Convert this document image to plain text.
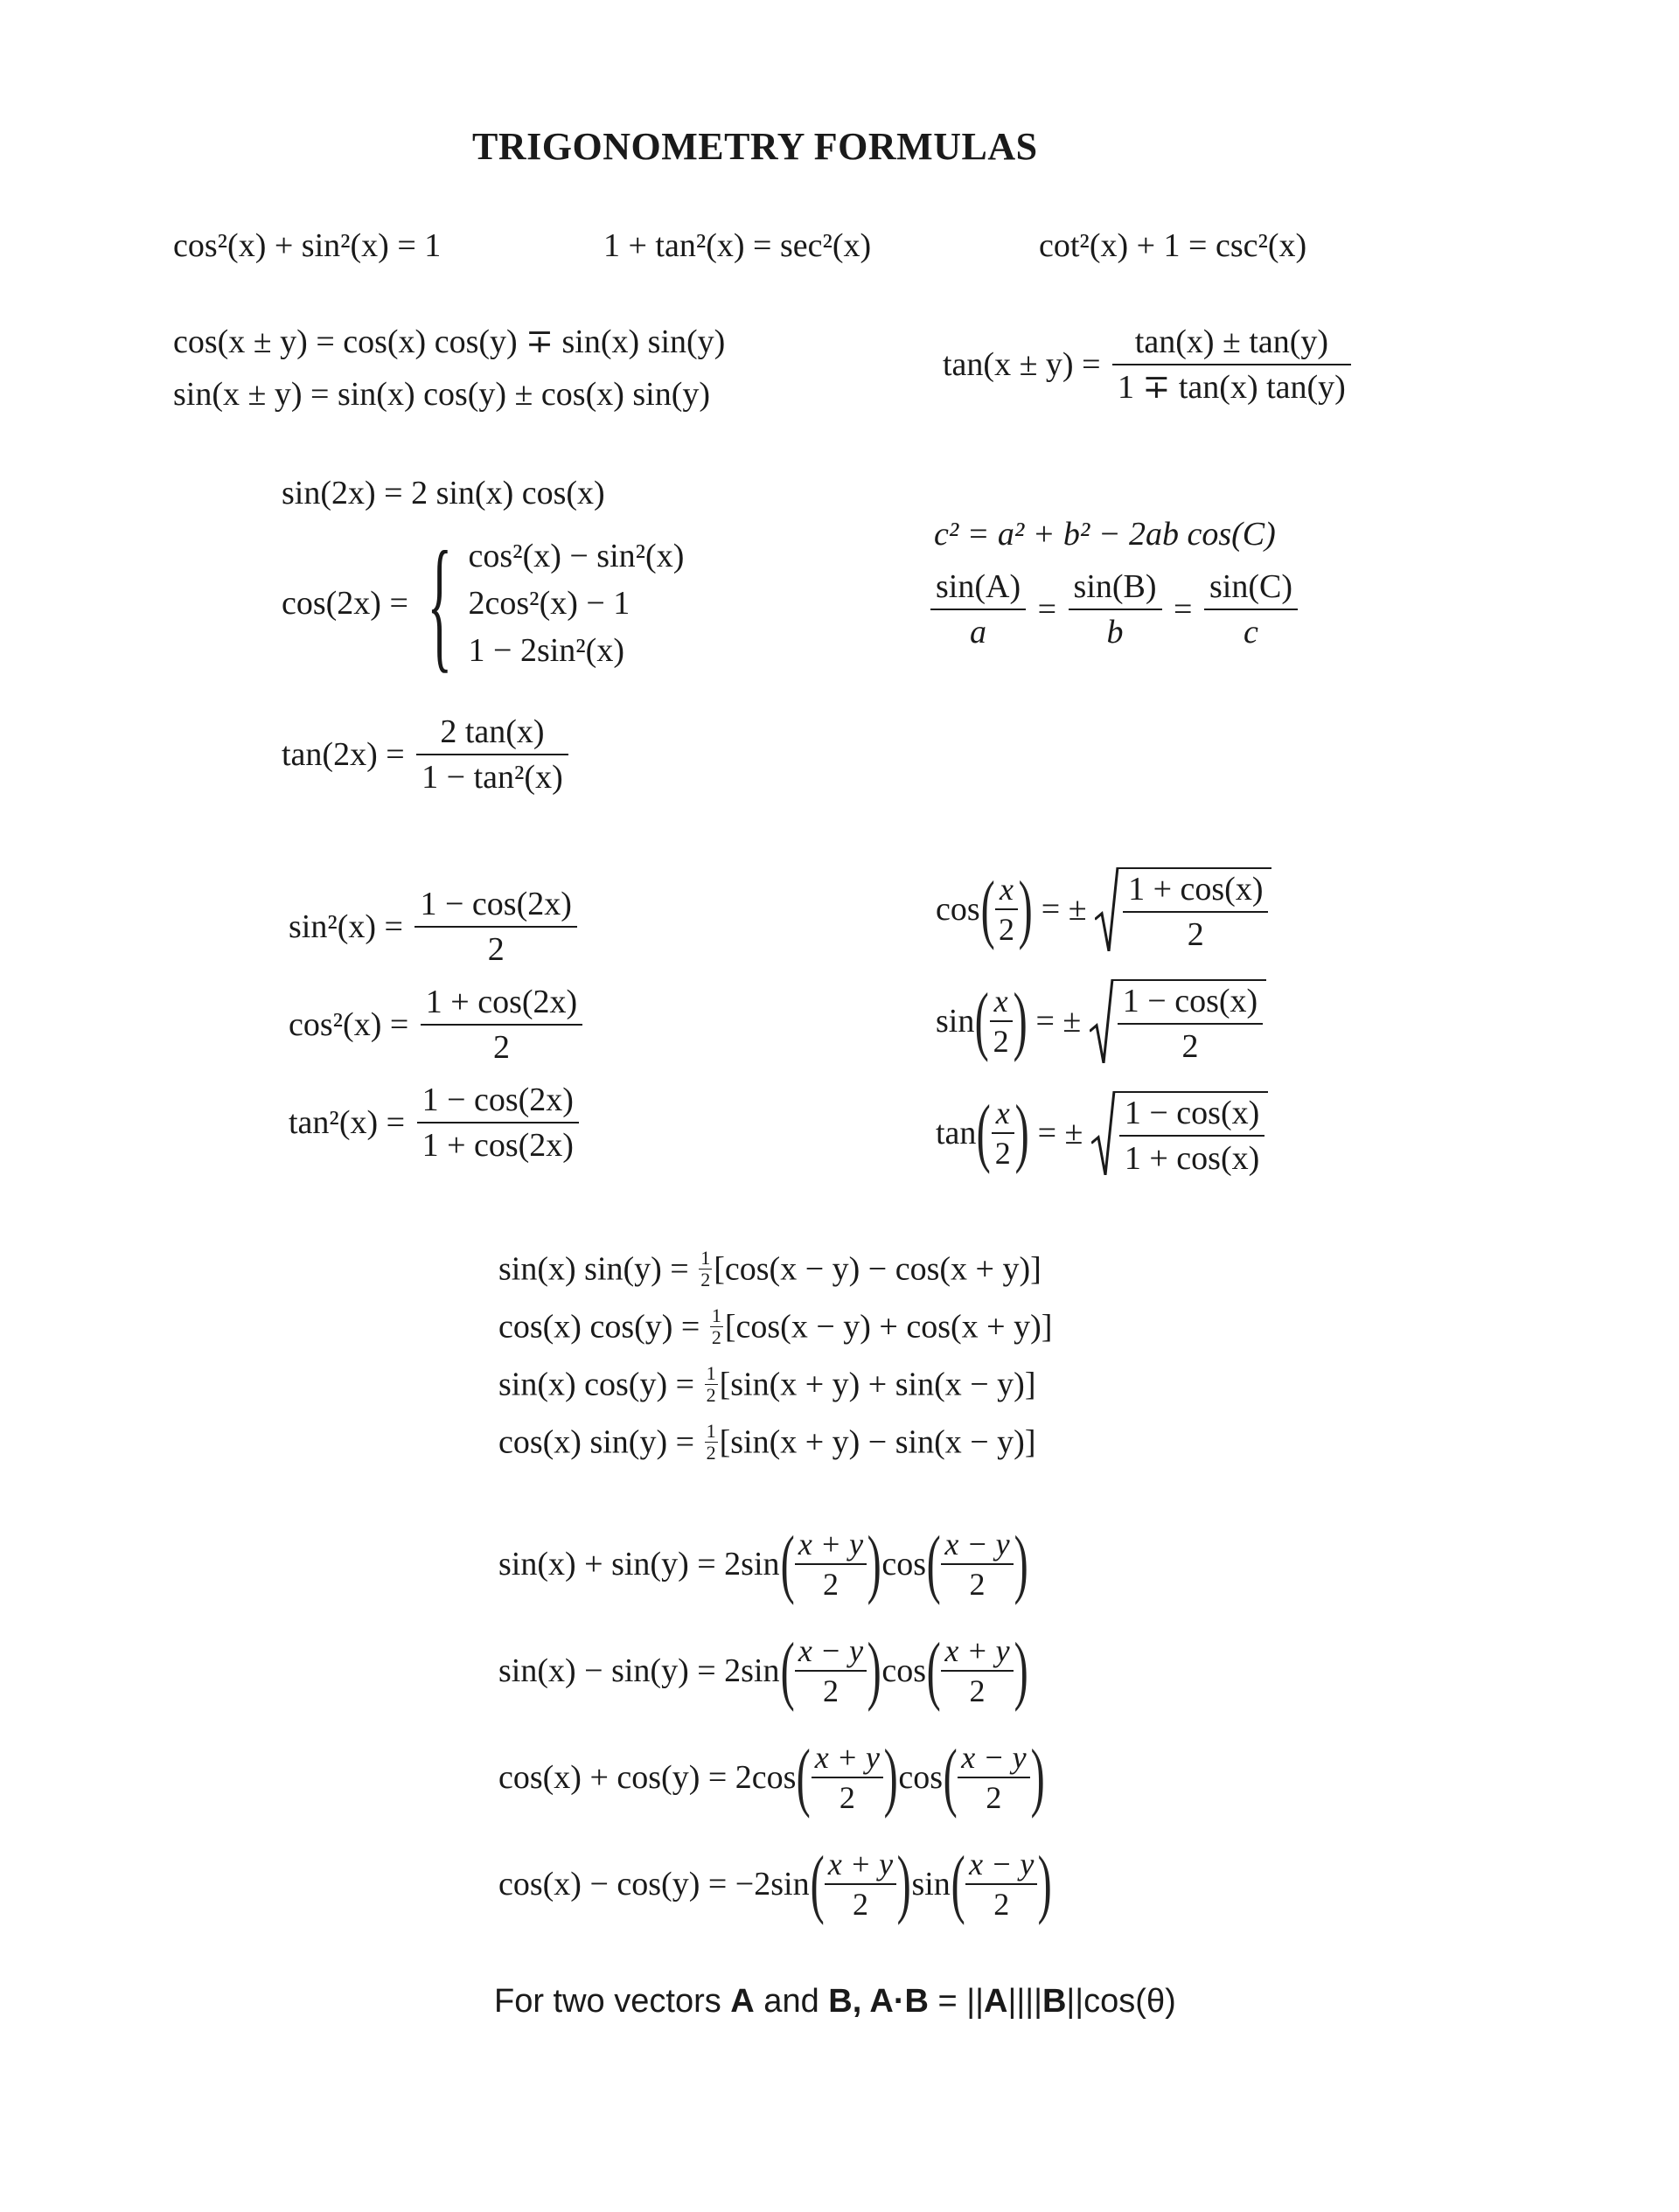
TRIGONOMETRY FORMULAS
cos²(x) + sin²(x) = 1	1 + tan²(x) = sec²(x)	cot²(x) + 1 = csc²(x)
cos(x ± y) = cos(x) cos(y) ∓ sin(x) sin(y)
sin(x ± y) = sin(x) cos(y) ± cos(x) sin(y)
$\tan(x \pm y) = \frac{\tan(x) \pm \tan(y)}{1 \mp \tan(x) \tan(y)}$
sin(2x) = 2 sin(x) cos(x)
cos(2x) = { cos²(x) − sin²(x)
2cos²(x) − 1
1 − 2sin²(x)
$\tan(2x) = \frac{2 \tan(x)}{\text{1 − tan²(x)}}$
c² = a² + b² − 2ab cos(C)
$\frac{\sin(A)}{a} = \frac{\sin(B)}{b} = \frac{\sin(C)}{c}$
$\sin^2(x) = \frac{1 - \cos(2x)}{2}$
$\cos^2(x) = \frac{1 + \cos(2x)}{2}$
$\tan^2(x) = \frac{1 - \cos(2x)}{1 + \cos(2x)}$
$\cos( \frac{x}{2}$ ) = ± $\frac{1 + \cos(x)}{2}$
$\sin( \frac{x}{2}$ ) = ± $\frac{1 - \cos(x)}{2}$
$\tan( \frac{x}{2}$ ) = ± $\frac{1 - \cos(x)}{1 + \cos(x)}$
sin(x) $\sin(y) = \frac{1}{2} [\cos(x - y) - \cos(x + y)]$
cos(x) $\cos(y) = \frac{1}{2} [\cos(x - y) + \cos(x + y)]$
sin(x) $\cos(y) = \frac{1}{2} [\sin(x + y) + \sin(x - y)]$
cos(x) $\sin(y) = \frac{1}{2} [\sin(x + y) - \sin(x - y)]$
$\sin(x) + \sin(y) = 2\sin( \frac{x + y}{2} )\cos( \frac{x - y}{2}$ )
$\sin(x) - \sin(y) = 2\sin( \frac{x - y}{2} )\cos( \frac{x + y}{2}$ )
$\cos(x) + \cos(y) = 2\cos( \frac{x + y}{2} )\cos( \frac{x - y}{2}$ )
$\cos(x) - \cos(y) = -2\sin( \frac{x + y}{2} )\sin( \frac{x - y}{2}$ )
For two vectors A and B, A·B = ||A||||B||cos(θ)
